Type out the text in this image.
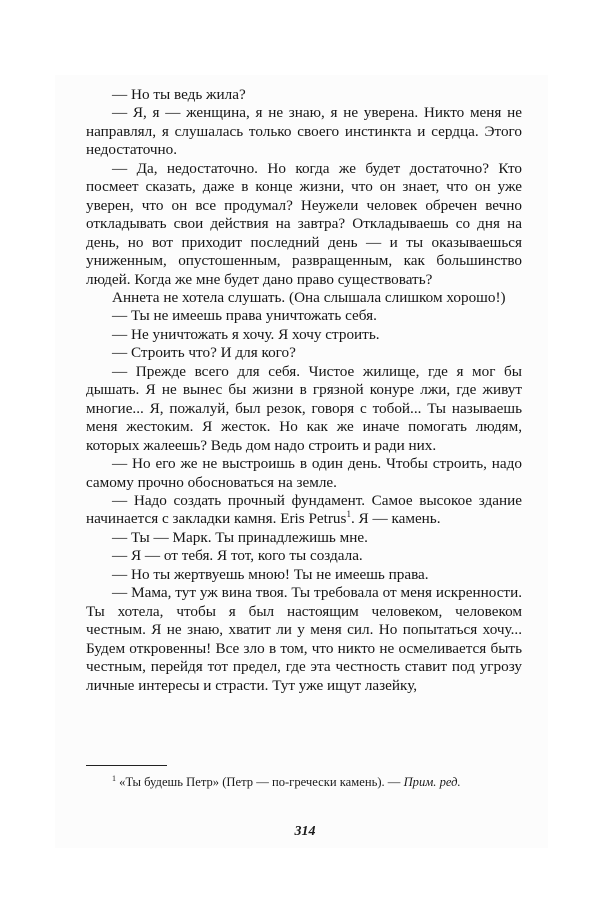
— Но ты ведь жила?

— Я, я — женщина, я не знаю, я не уверена. Никто меня не направлял, я слушалась только своего инстинкта и сердца. Этого недостаточно.

— Да, недостаточно. Но когда же будет достаточно? Кто посмеет сказать, даже в конце жизни, что он знает, что он уже уверен, что он все продумал? Неужели человек обречен вечно откладывать свои действия на завтра? Откладываешь со дня на день, но вот приходит последний день — и ты оказываешься униженным, опустошенным, развращенным, как большинство людей. Когда же мне будет дано право существовать?

Аннета не хотела слушать. (Она слышала слишком хорошо!)

— Ты не имеешь права уничтожать себя.

— Не уничтожать я хочу. Я хочу строить.

— Строить что? И для кого?

— Прежде всего для себя. Чистое жилище, где я мог бы дышать. Я не вынес бы жизни в грязной конуре лжи, где живут многие... Я, пожалуй, был резок, говоря с тобой... Ты называешь меня жестоким. Я жесток. Но как же иначе помогать людям, которых жалеешь? Ведь дом надо строить и ради них.

— Но его же не выстроишь в один день. Чтобы строить, надо самому прочно обосноваться на земле.

— Надо создать прочный фундамент. Самое высокое здание начинается с закладки камня. Eris Petrus$^1$. Я — камень.

— Ты — Марк. Ты принадлежишь мне.

— Я — от тебя. Я тот, кого ты создала.

— Но ты жертвуешь мною! Ты не имеешь права.

— Мама, тут уж вина твоя. Ты требовала от меня искренности. Ты хотела, чтобы я был настоящим человеком, человеком честным. Я не знаю, хватит ли у меня сил. Но попытаться хочу... Будем откровенны! Все зло в том, что никто не осмеливается быть честным, перейдя тот предел, где эта честность ставит под угрозу личные интересы и страсти. Тут уже ищут лазейку,

$^1$ «Ты будешь Петр» (Петр — по-гречески камень). — Прим. ред.

314
